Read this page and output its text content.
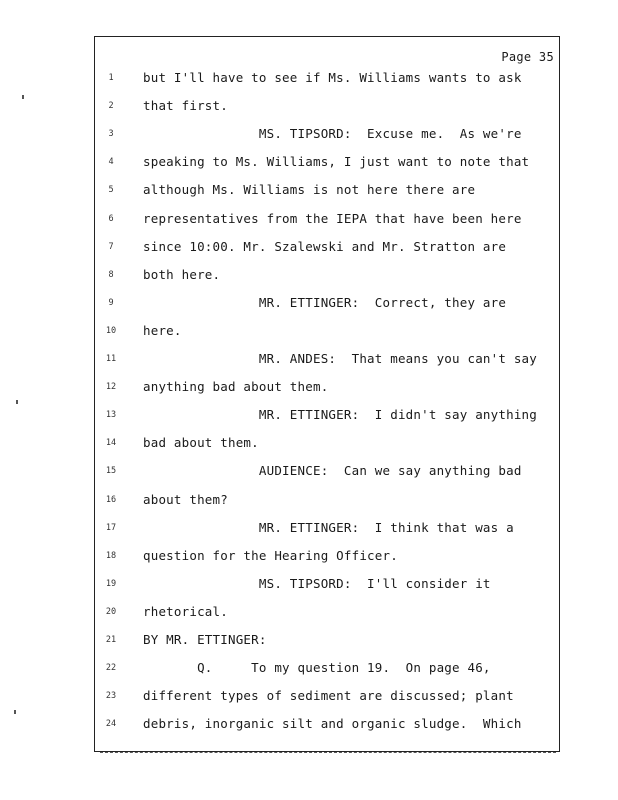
Page 35
1	but I'll have to see if Ms. Williams wants to ask
2	that first.
3	MS. TIPSORD:  Excuse me.  As we're
4	speaking to Ms. Williams, I just want to note that
5	although Ms. Williams is not here there are
6	representatives from the IEPA that have been here
7	since 10:00. Mr. Szalewski and Mr. Stratton are
8	both here.
9	MR. ETTINGER:  Correct, they are
10 here.
11 MR. ANDES:  That means you can't say
12 anything bad about them.
13 MR. ETTINGER:  I didn't say anything
14 bad about them.
15 AUDIENCE:  Can we say anything bad
16 about them?
17 MR. ETTINGER:  I think that was a
18 question for the Hearing Officer.
19 MS. TIPSORD:  I'll consider it
20 rhetorical.
21 BY MR. ETTINGER:
22 Q.     To my question 19.  On page 46,
23 different types of sediment are discussed; plant
24 debris, inorganic silt and organic sludge.  Which
